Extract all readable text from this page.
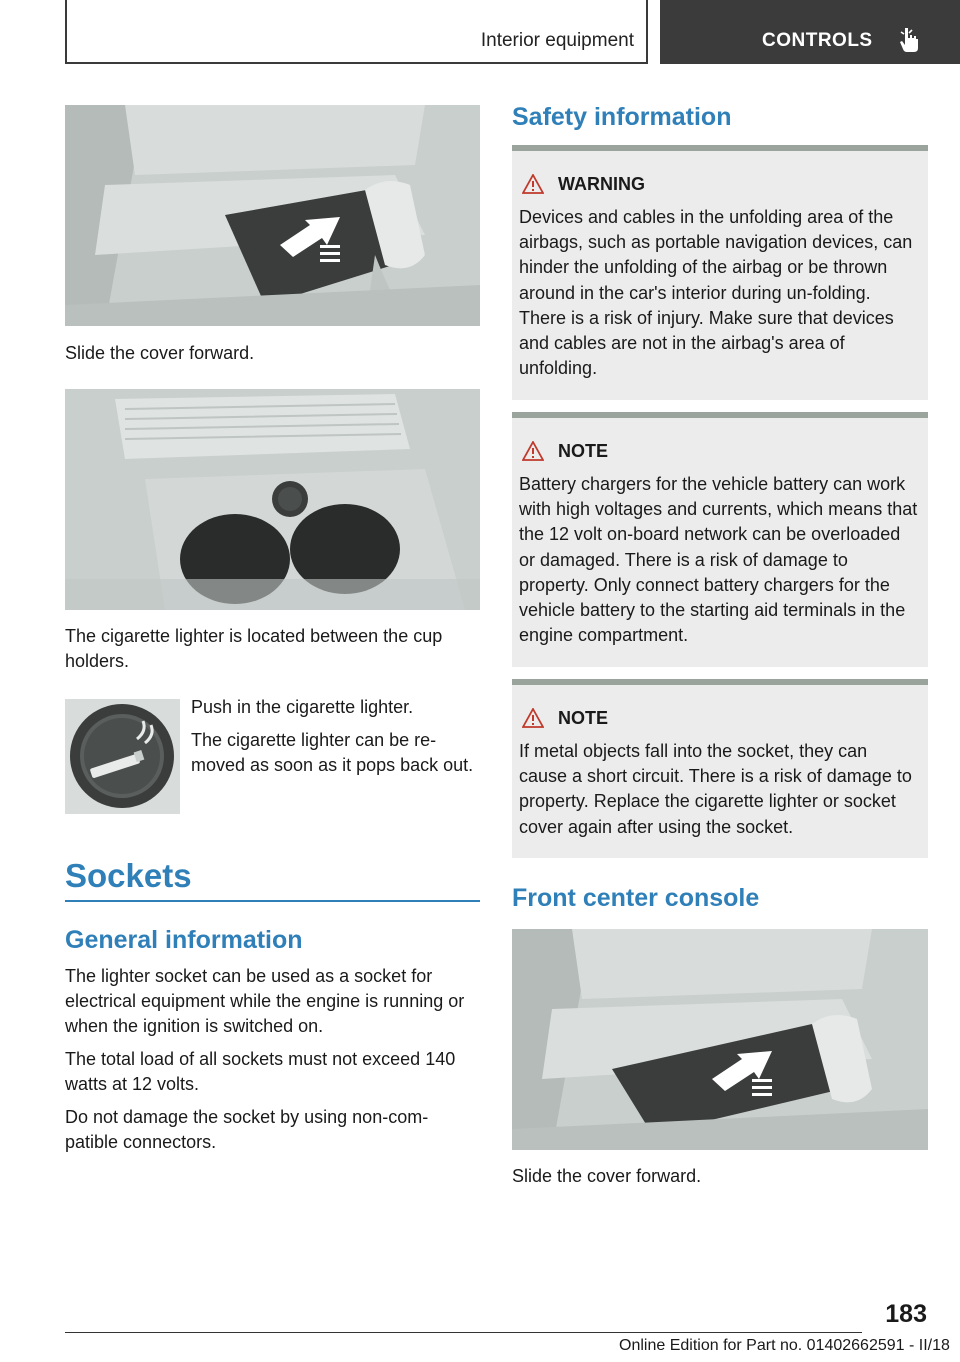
Interior equipment	CONTROLS
Slide the cover forward.
The cigarette lighter is located between the cup holders.

Push in the cigarette lighter.

The cigarette lighter can be re-moved as soon as it pops back out.

Sockets
General information

The lighter socket can be used as a socket for electrical equipment while the engine is running or when the ignition is switched on.

The total load of all sockets must not exceed 140 watts at 12 volts.

Do not damage the socket by using non-com-patible connectors.

Safety information
WARNING
Devices and cables in the unfolding area of the airbags, such as portable navigation devices, can hinder the unfolding of the airbag or be thrown around in the car's interior during un-folding. There is a risk of injury. Make sure that devices and cables are not in the airbag's area of unfolding.
NOTE
Battery chargers for the vehicle battery can work with high voltages and currents, which means that the 12 volt on-board network can be overloaded or damaged. There is a risk of damage to property. Only connect battery chargers for the vehicle battery to the starting aid terminals in the engine compartment.
NOTE
If metal objects fall into the socket, they can cause a short circuit. There is a risk of damage to property. Replace the cigarette lighter or socket cover again after using the socket.
Front center console
Slide the cover forward.
183
Online Edition for Part no. 01402662591 - II/18
